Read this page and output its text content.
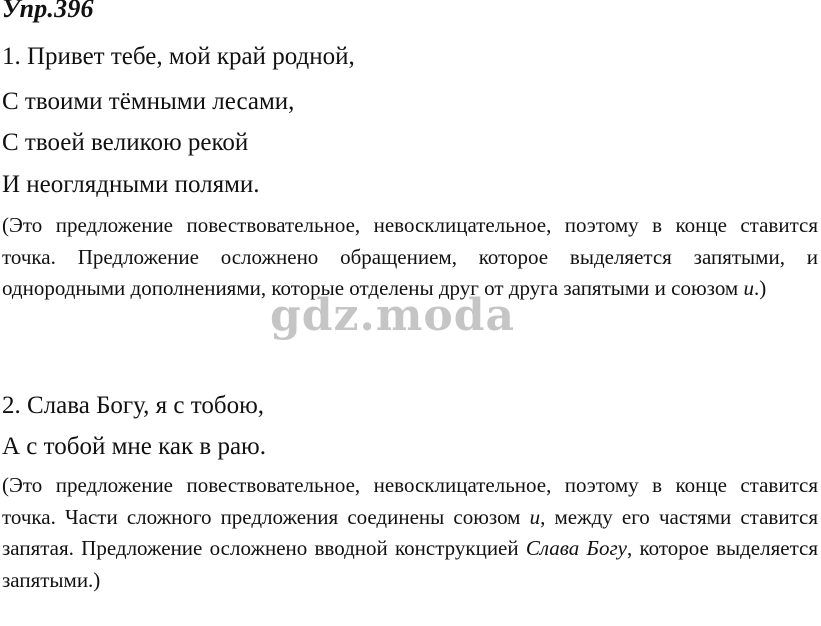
Упр.396
1. Привет тебе, мой край родной,
С твоими тёмными лесами,
С твоей великою рекой
И неоглядными полями.
(Это предложение повествовательное, невосклицательное, поэтому в конце ставится точка. Предложение осложнено обращением, которое выделяется запятыми, и однородными дополнениями, которые отделены друг от друга запятыми и союзом и.)
2. Слава Богу, я с тобою,
А с тобой мне как в раю.
(Это предложение повествовательное, невосклицательное, поэтому в конце ставится точка. Части сложного предложения соединены союзом и, между его частями ставится запятая. Предложение осложнено вводной конструкцией Слава Богу, которое выделяется запятыми.)
gdz.moda
